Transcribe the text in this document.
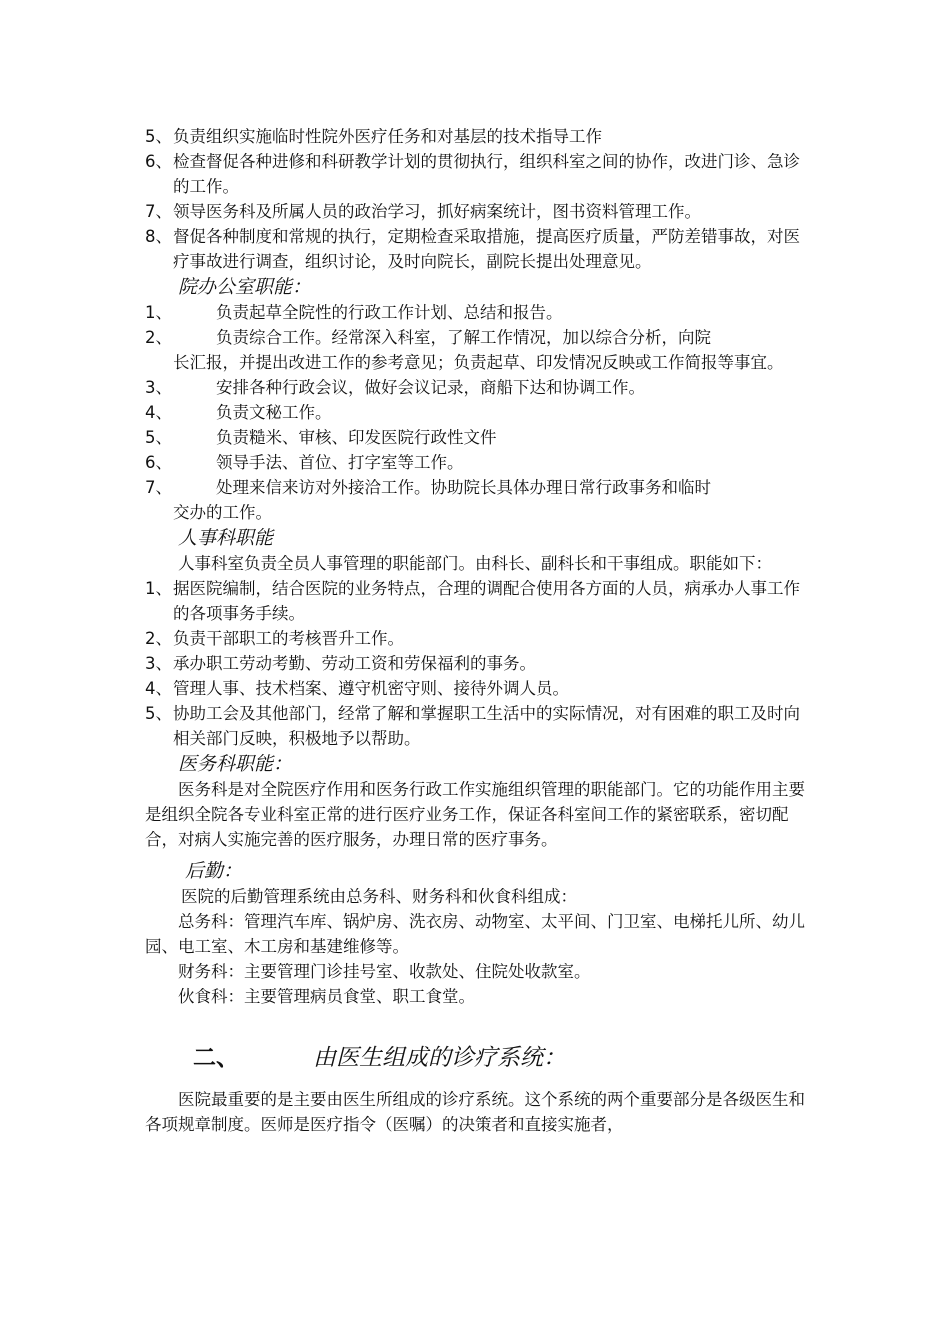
5、 负责组织实施临时性院外医疗任务和对基层的技术指导工作

6、 检查督促各种进修和科研教学计划的贯彻执行，组织科室之间的协作，改进门诊、急诊的工作。

7、 领导医务科及所属人员的政治学习，抓好病案统计，图书资料管理工作。

8、 督促各种制度和常规的执行，定期检查采取措施，提高医疗质量，严防差错事故，对医疗事故进行调查，组织讨论，及时向院长，副院长提出处理意见。

院办公室职能：

1、	负责起草全院性的行政工作计划、总结和报告。

2、	负责综合工作。经常深入科室，了解工作情况，加以综合分析，向院
长汇报，并提出改进工作的参考意见；负责起草、印发情况反映或工作简报等事宜。

3、	安排各种行政会议，做好会议记录，商船下达和协调工作。

4、	负责文秘工作。

5、	负责糙米、审核、印发医院行政性文件

6、	领导手法、首位、打字室等工作。

7、	处理来信来访对外接洽工作。协助院长具体办理日常行政事务和临时
交办的工作。

人事科职能

人事科室负责全员人事管理的职能部门。由科长、副科长和干事组成。职能如下：

1、 据医院编制，结合医院的业务特点，合理的调配合使用各方面的人员，病承办人事工作的各项事务手续。

2、 负责干部职工的考核晋升工作。

3、 承办职工劳动考勤、劳动工资和劳保福利的事务。

4、 管理人事、技术档案、遵守机密守则、接待外调人员。

5、 协助工会及其他部门，经常了解和掌握职工生活中的实际情况，对有困难的职工及时向相关部门反映，积极地予以帮助。

医务科职能：

医务科是对全院医疗作用和医务行政工作实施组织管理的职能部门。它的功能作用主要是组织全院各专业科室正常的进行医疗业务工作，保证各科室间工作的紧密联系，密切配合，对病人实施完善的医疗服务，办理日常的医疗事务。

后勤：

医院的后勤管理系统由总务科、财务科和伙食科组成：

总务科：管理汽车库、锅炉房、洗衣房、动物室、太平间、门卫室、电梯托儿所、幼儿园、电工室、木工房和基建维修等。

财务科：主要管理门诊挂号室、收款处、住院处收款室。

伙食科：主要管理病员食堂、职工食堂。

二、	由医生组成的诊疗系统：

医院最重要的是主要由医生所组成的诊疗系统。这个系统的两个重要部分是各级医生和各项规章制度。医师是医疗指令（医嘱）的决策者和直接实施者，
